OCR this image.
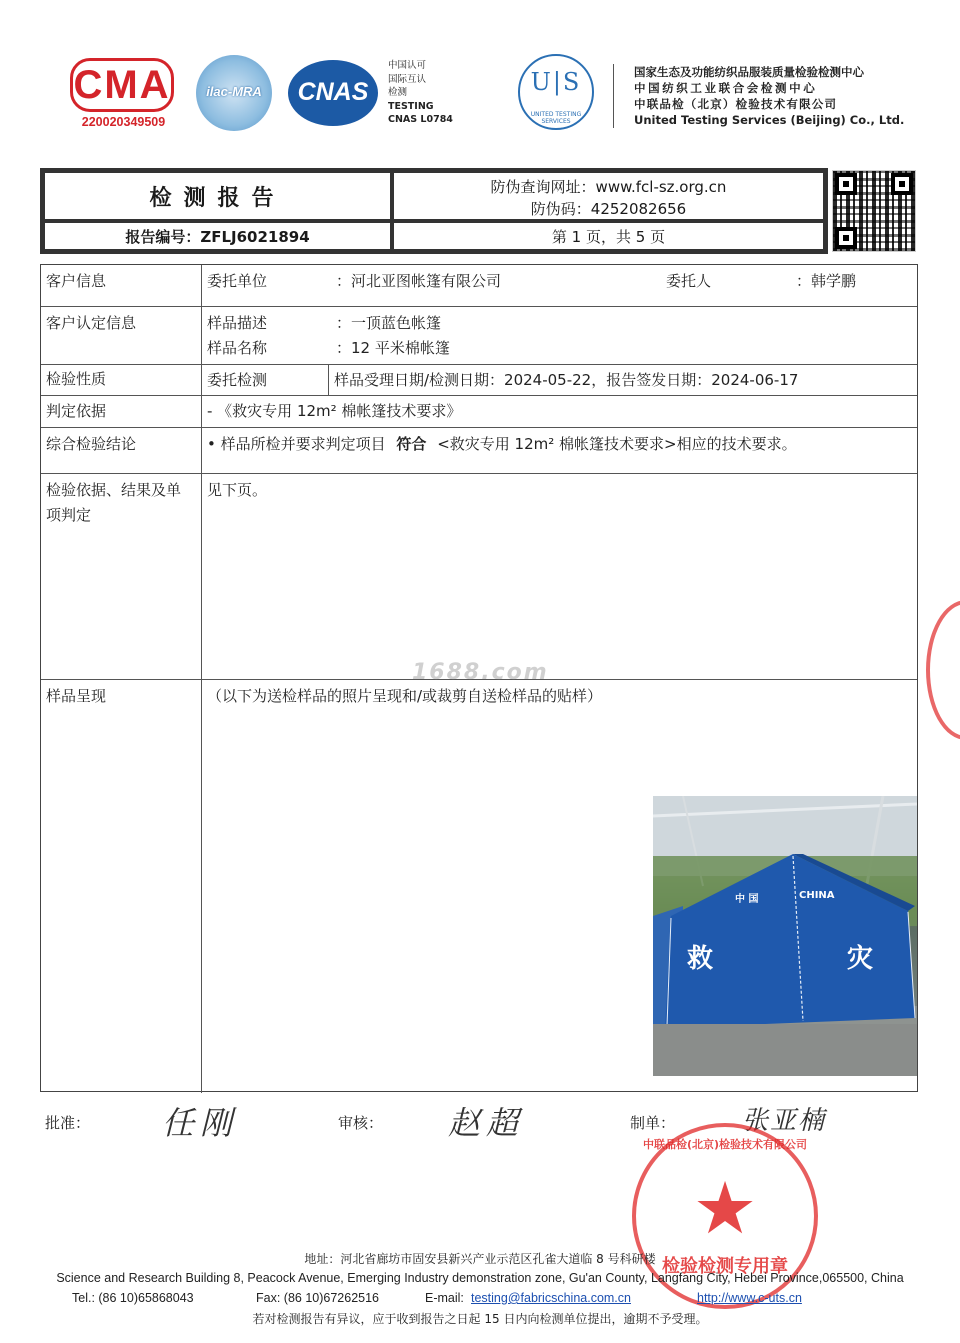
CMA
220020349509
ilac-MRA	CNAS
中国认可
国际互认
检测
TESTING
CNAS L0784
U|S
UNITED TESTING SERVICES
国家生态及功能纺织品服装质量检验检测中心
中国纺织工业联合会检测中心
中联品检（北京）检验技术有限公司
United Testing Services (Beijing) Co., Ltd.
检测报告	防伪查询网址：www.fcl-sz.org.cn
防伪码：4252082656
报告编号：ZFLJ6021894	第 1 页，共 5 页
客户信息	委托单位	：河北亚图帐篷有限公司	委托人	：韩学鹏
客户认定信息	样品描述	：一顶蓝色帐篷
样品名称	：12 平米棉帐篷
检验性质	委托检测	样品受理日期/检测日期：2024-05-22，报告签发日期：2024-06-17
判定依据	- 《救灾专用 12m² 棉帐篷技术要求》
综合检验结论	• 样品所检并要求判定项目 符合 <救灾专用 12m² 棉帐篷技术要求>相应的技术要求。
检验依据、结果及单
项判定
见下页。
样品呈现	（以下为送检样品的照片呈现和/或裁剪自送检样品的贴样）
1688.com
中 国	CHINA
救	灾
批准： 任刚	审核： 赵超	制单：	张亚楠
中联品检(北京)检验技术有限公司
★
检验检测专用章
地址：河北省廊坊市固安县新兴产业示范区孔雀大道临 8 号科研楼
Science and Research Building 8, Peacock Avenue, Emerging Industry demonstration zone, Gu'an County, Langfang City, Hebei Province,065500, China
Tel.: (86 10)65868043	Fax: (86 10)67262516	E-mail: testing@fabricschina.com.cn	http://www.c-uts.cn
若对检测报告有异议，应于收到报告之日起 15 日内向检测单位提出，逾期不予受理。
